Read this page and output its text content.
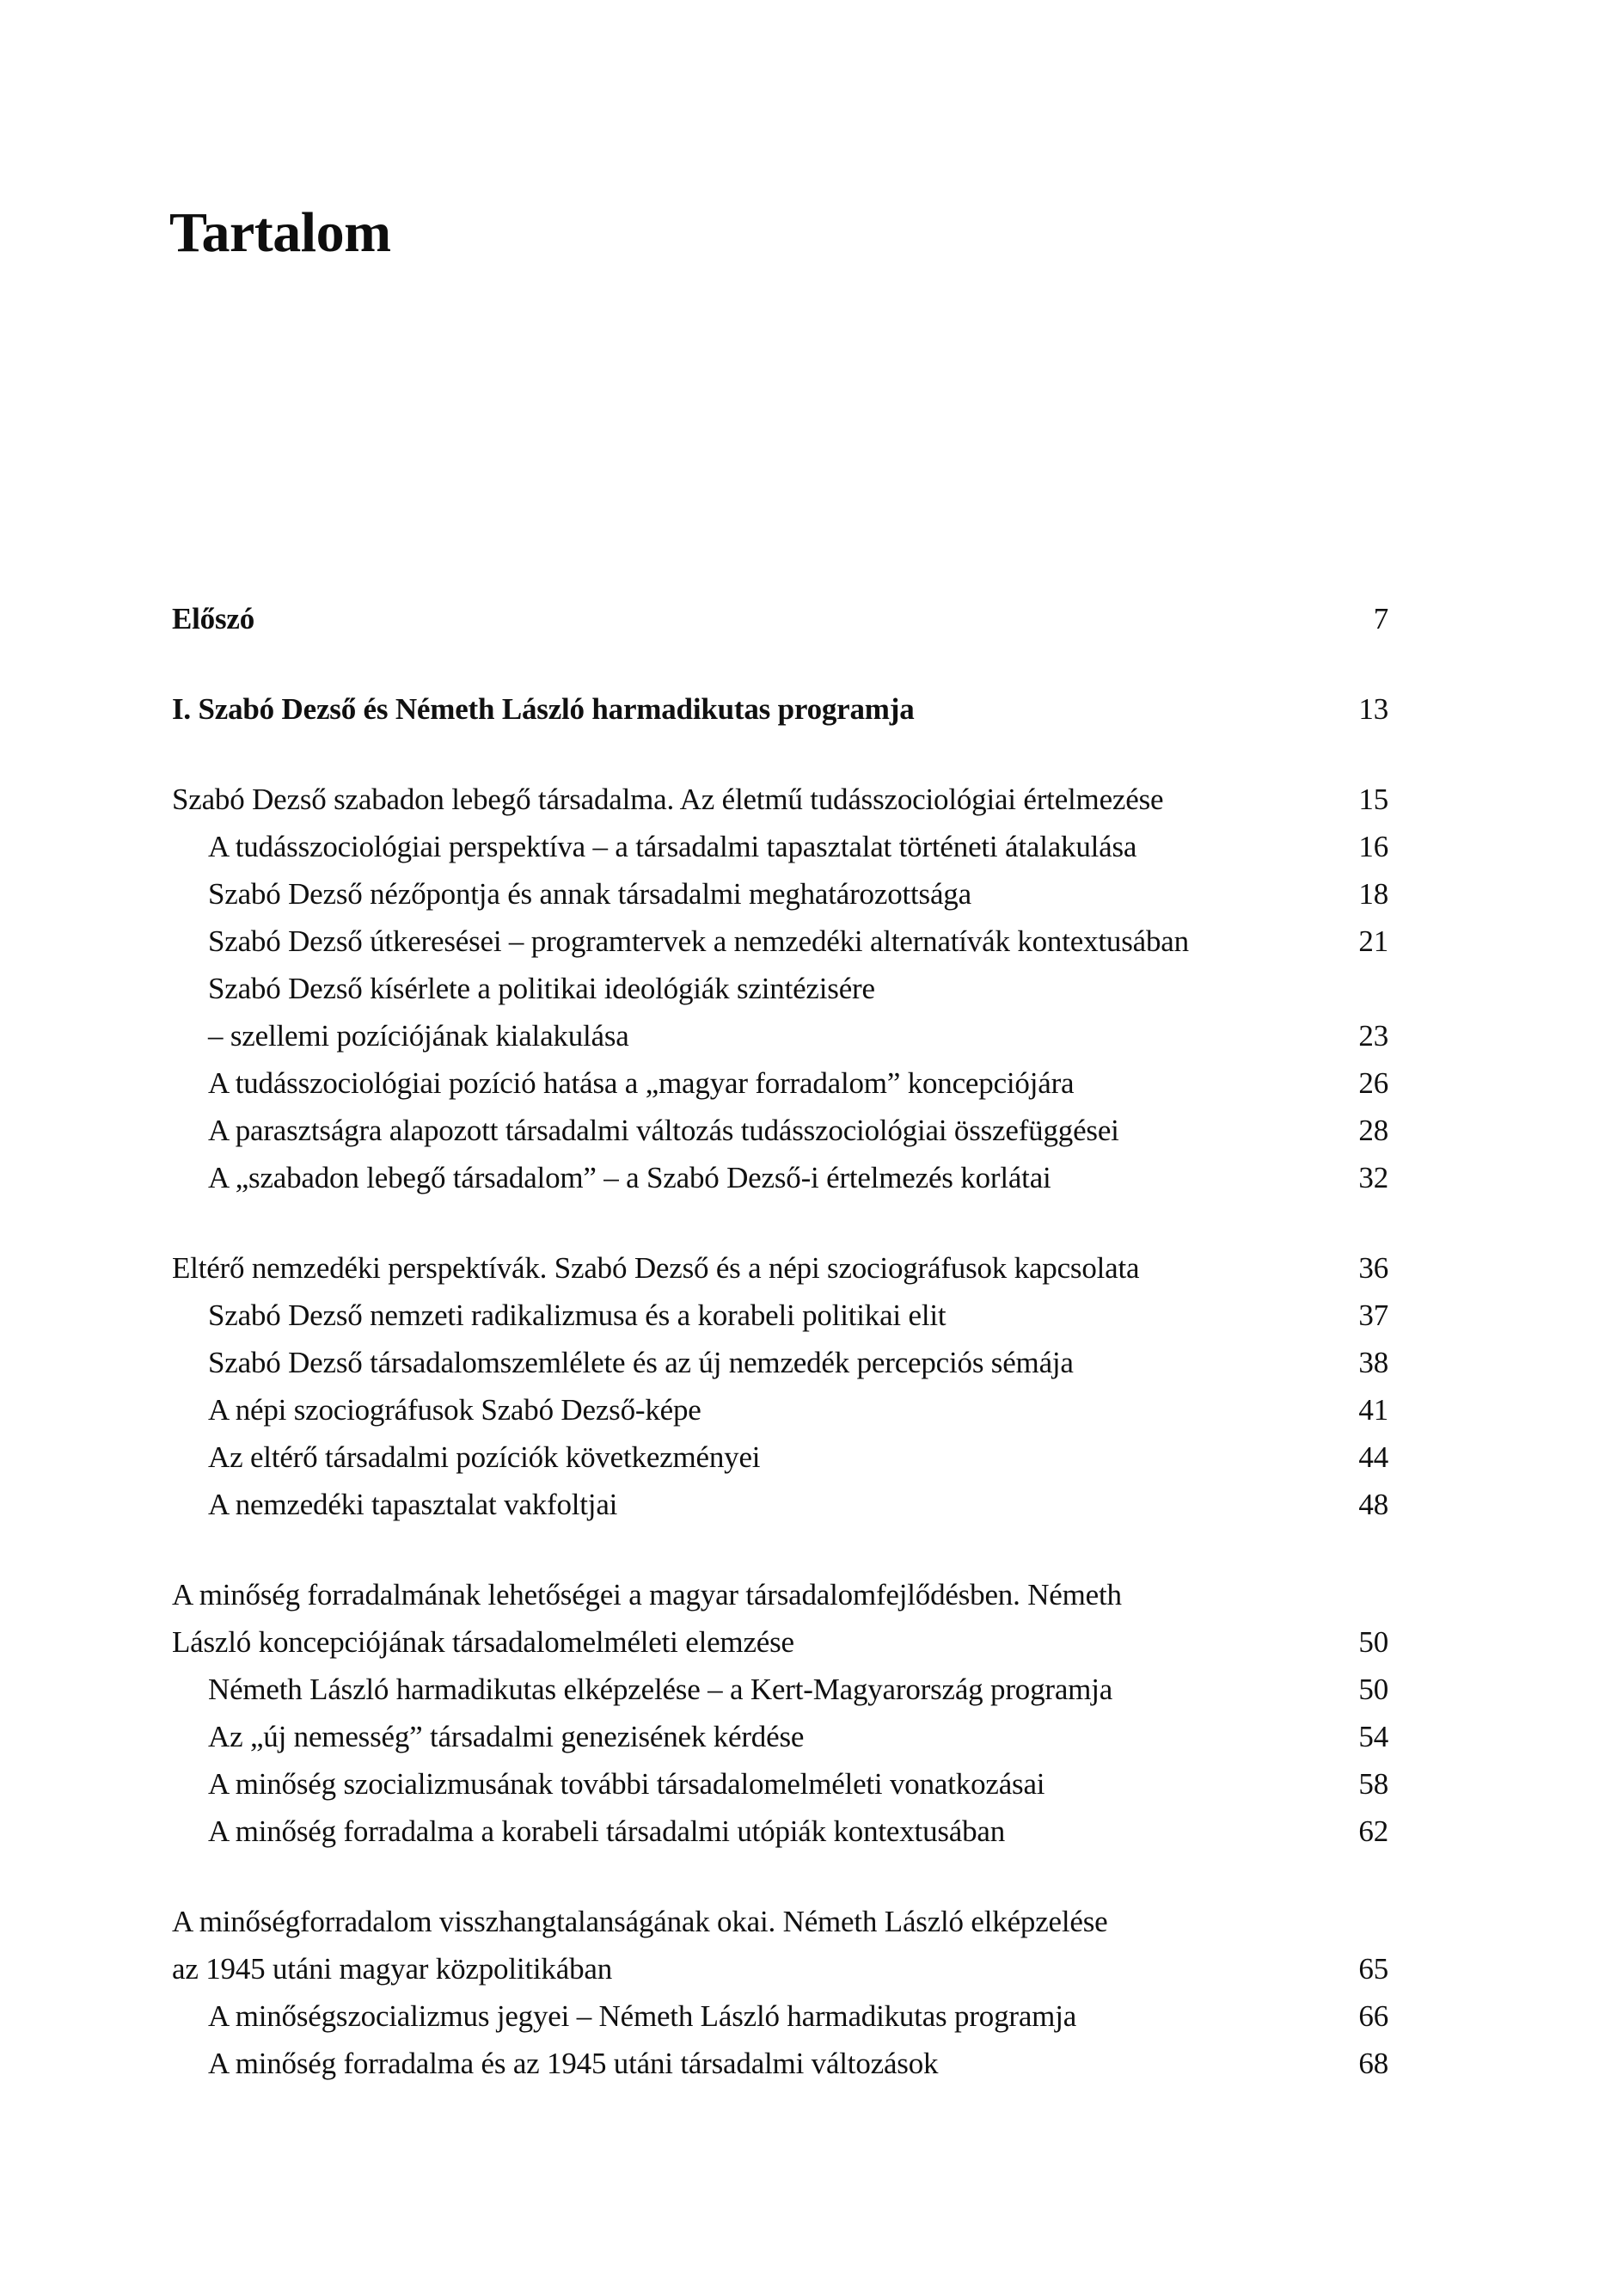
Tartalom
Előszó	7
I. Szabó Dezső és Németh László harmadikutas programja	13
Szabó Dezső szabadon lebegő társadalma. Az életmű tudásszociológiai értelmezése	15
A tudásszociológiai perspektíva – a társadalmi tapasztalat történeti átalakulása	16
Szabó Dezső nézőpontja és annak társadalmi meghatározottsága	18
Szabó Dezső útkeresései – programtervek a nemzedéki alternatívák kontextusában	21
Szabó Dezső kísérlete a politikai ideológiák szintézisére
– szellemi pozíciójának kialakulása	23
A tudásszociológiai pozíció hatása a „magyar forradalom” koncepciójára	26
A parasztságra alapozott társadalmi változás tudásszociológiai összefüggései	28
A „szabadon lebegő társadalom” – a Szabó Dezső-i értelmezés korlátai	32
Eltérő nemzedéki perspektívák. Szabó Dezső és a népi szociográfusok kapcsolata	36
Szabó Dezső nemzeti radikalizmusa és a korabeli politikai elit	37
Szabó Dezső társadalomszemlélete és az új nemzedék percepciós sémája	38
A népi szociográfusok Szabó Dezső-képe	41
Az eltérő társadalmi pozíciók következményei	44
A nemzedéki tapasztalat vakfoltjai	48
A minőség forradalmának lehetőségei a magyar társadalomfejlődésben. Németh
László koncepciójának társadalomelméleti elemzése	50
Németh László harmadikutas elképzelése – a Kert-Magyarország programja	50
Az „új nemesség” társadalmi genezisének kérdése	54
A minőség szocializmusának további társadalomelméleti vonatkozásai	58
A minőség forradalma a korabeli társadalmi utópiák kontextusában	62
A minőségforradalom visszhangtalanságának okai. Németh László elképzelése
az 1945 utáni magyar közpolitikában	65
A minőségszocializmus jegyei – Németh László harmadikutas programja	66
A minőség forradalma és az 1945 utáni társadalmi változások	68
